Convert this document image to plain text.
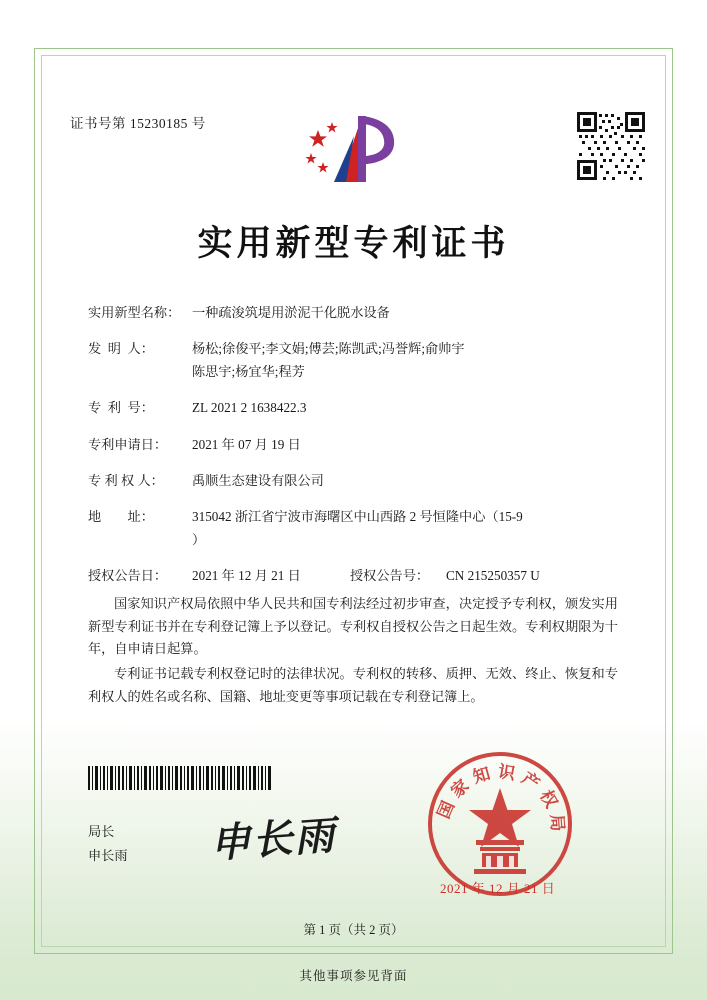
证书号第 15230185 号
实用新型专利证书
实用新型名称： 一种疏浚筑堤用淤泥干化脱水设备
发  明  人：	杨松;徐俊平;李文娟;傅芸;陈凯武;冯誉辉;俞帅宇
陈思宇;杨宜华;程芳
专  利  号：	ZL 2021 2 1638422.3
专利申请日：	2021 年 07 月 19 日
专 利 权 人：	禹顺生态建设有限公司
地        址：	315042 浙江省宁波市海曙区中山西路 2 号恒隆中心（15-9
）
授权公告日：	2021 年 12 月 21 日	授权公告号：	CN 215250357 U

国家知识产权局依照中华人民共和国专利法经过初步审查，决定授予专利权，颁发实用新型专利证书并在专利登记簿上予以登记。专利权自授权公告之日起生效。专利权期限为十年，自申请日起算。

专利证书记载专利权登记时的法律状况。专利权的转移、质押、无效、终止、恢复和专利权人的姓名或名称、国籍、地址变更等事项记载在专利登记簿上。

局长
申长雨 申长雨
国家知识产权局
2021 年 12 月 21 日
第 1 页（共 2 页）
其他事项参见背面
